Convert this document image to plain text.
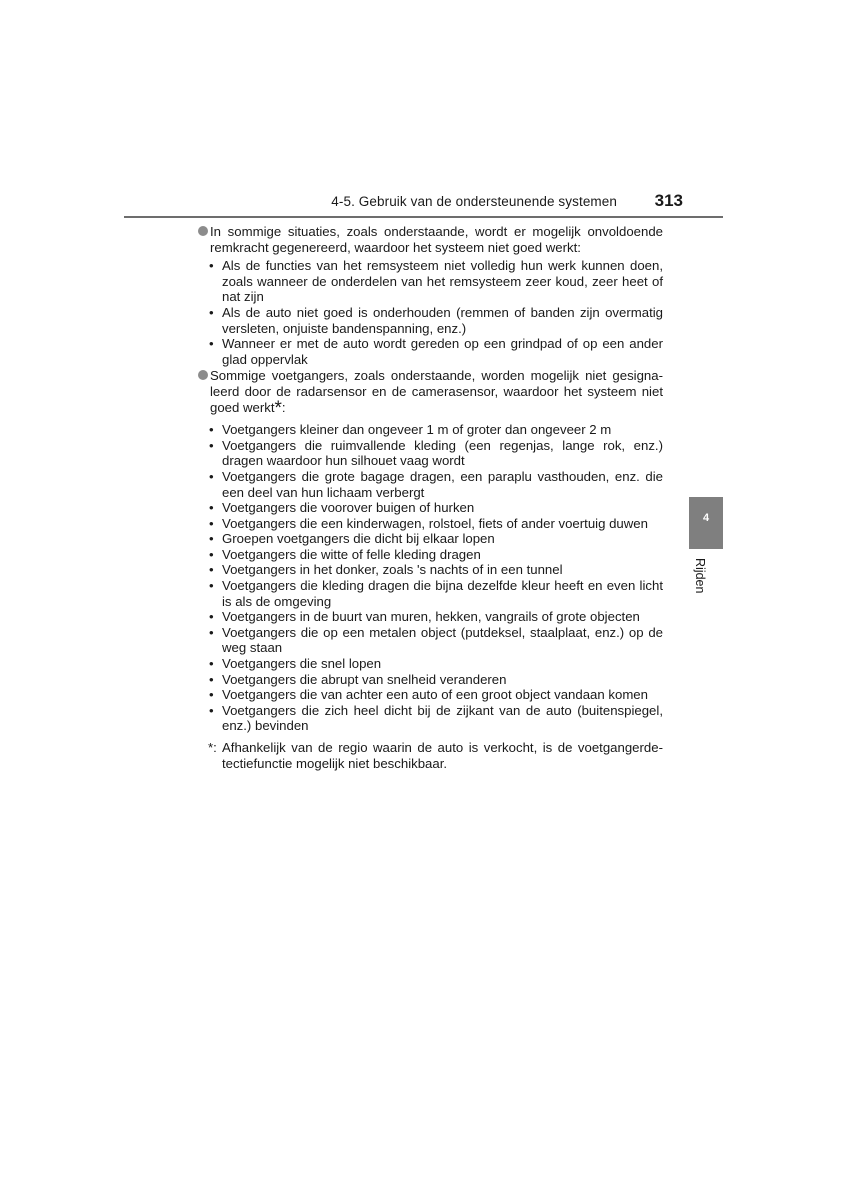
4-5. Gebruik van de ondersteunende systemen 313
4
Rijden
In sommige situaties, zoals onderstaande, wordt er mogelijk onvoldoende remkracht gegenereerd, waardoor het systeem niet goed werkt:
• Als de functies van het remsysteem niet volledig hun werk kunnen doen, zoals wanneer de onderdelen van het remsysteem zeer koud, zeer heet of nat zijn
• Als de auto niet goed is onderhouden (remmen of banden zijn overmatig versleten, onjuiste bandenspanning, enz.)
• Wanneer er met de auto wordt gereden op een grindpad of op een ander glad oppervlak
Sommige voetgangers, zoals onderstaande, worden mogelijk niet gesignaleerd door de radarsensor en de camerasensor, waardoor het systeem niet goed werkt*:
• Voetgangers kleiner dan ongeveer 1 m of groter dan ongeveer 2 m
• Voetgangers die ruimvallende kleding (een regenjas, lange rok, enz.) dragen waardoor hun silhouet vaag wordt
• Voetgangers die grote bagage dragen, een paraplu vasthouden, enz. die een deel van hun lichaam verbergt
• Voetgangers die voorover buigen of hurken
• Voetgangers die een kinderwagen, rolstoel, fiets of ander voertuig duwen
• Groepen voetgangers die dicht bij elkaar lopen
• Voetgangers die witte of felle kleding dragen
• Voetgangers in het donker, zoals 's nachts of in een tunnel
• Voetgangers die kleding dragen die bijna dezelfde kleur heeft en even licht is als de omgeving
• Voetgangers in de buurt van muren, hekken, vangrails of grote objecten
• Voetgangers die op een metalen object (putdeksel, staalplaat, enz.) op de weg staan
• Voetgangers die snel lopen
• Voetgangers die abrupt van snelheid veranderen
• Voetgangers die van achter een auto of een groot object vandaan komen
• Voetgangers die zich heel dicht bij de zijkant van de auto (buitenspiegel, enz.) bevinden
*: Afhankelijk van de regio waarin de auto is verkocht, is de voetgangerdetectiefunctie mogelijk niet beschikbaar.
